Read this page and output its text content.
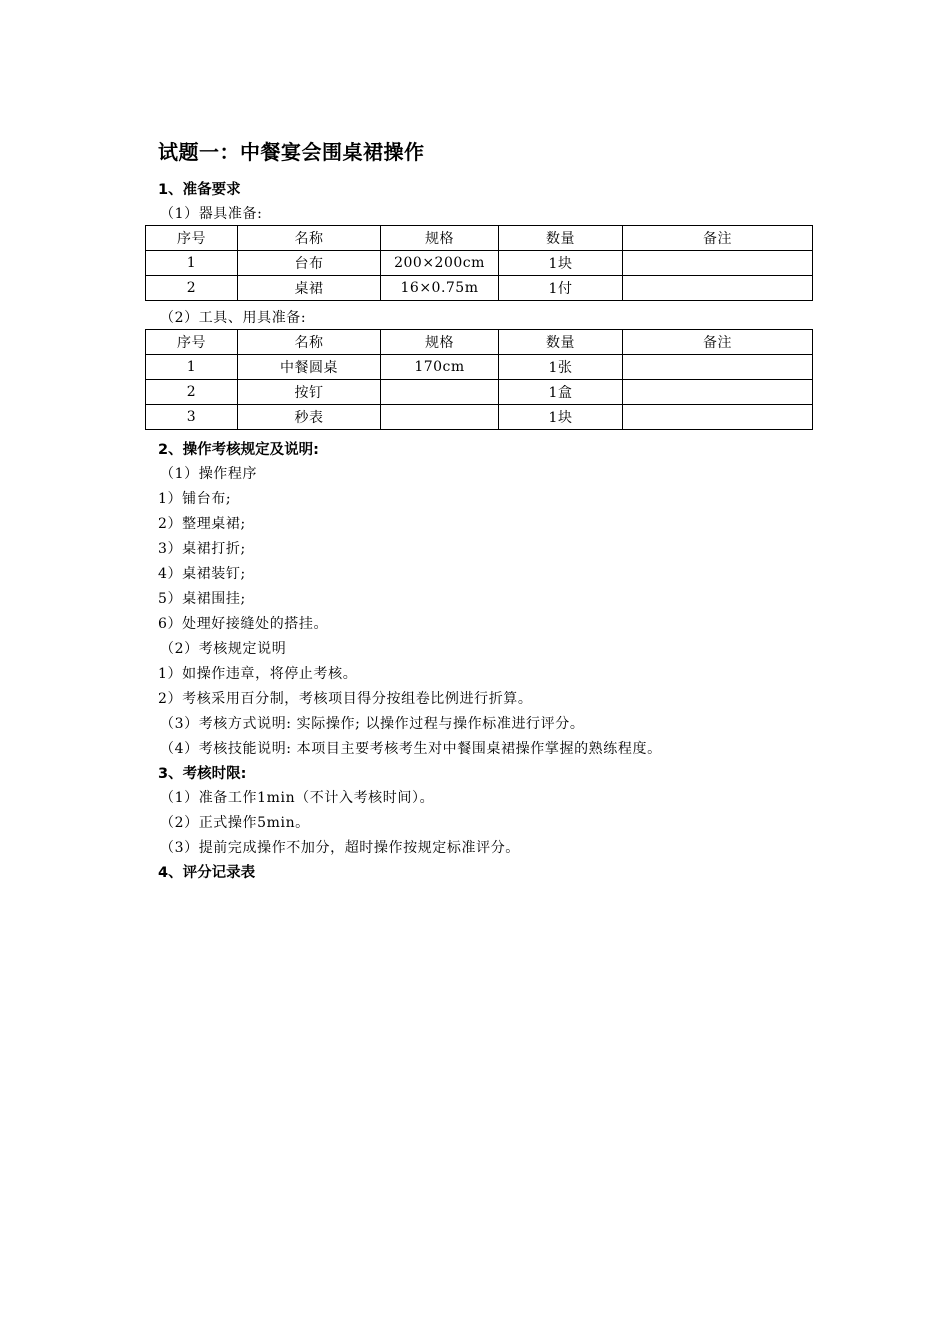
试题一：中餐宴会围桌裙操作
1、准备要求
（1）器具准备:
序号	名称	规格	数量	备注
1	台布	200×200cm	1块	
2	桌裙	16×0.75m	1付	
（2）工具、用具准备:
序号	名称	规格	数量	备注
1	中餐圆桌	170cm	1张	
2	按钉		1盒	
3	秒表		1块	
2、操作考核规定及说明:
（1）操作程序
1）铺台布;
2）整理桌裙;
3）桌裙打折;
4）桌裙装钉;
5）桌裙围挂;
6）处理好接缝处的搭挂。
（2）考核规定说明
1）如操作违章，将停止考核。
2）考核采用百分制，考核项目得分按组卷比例进行折算。
（3）考核方式说明: 实际操作; 以操作过程与操作标准进行评分。
（4）考核技能说明: 本项目主要考核考生对中餐围桌裙操作掌握的熟练程度。
3、考核时限:
（1）准备工作1min（不计入考核时间）。
（2）正式操作5min。
（3）提前完成操作不加分，超时操作按规定标准评分。
4、评分记录表
